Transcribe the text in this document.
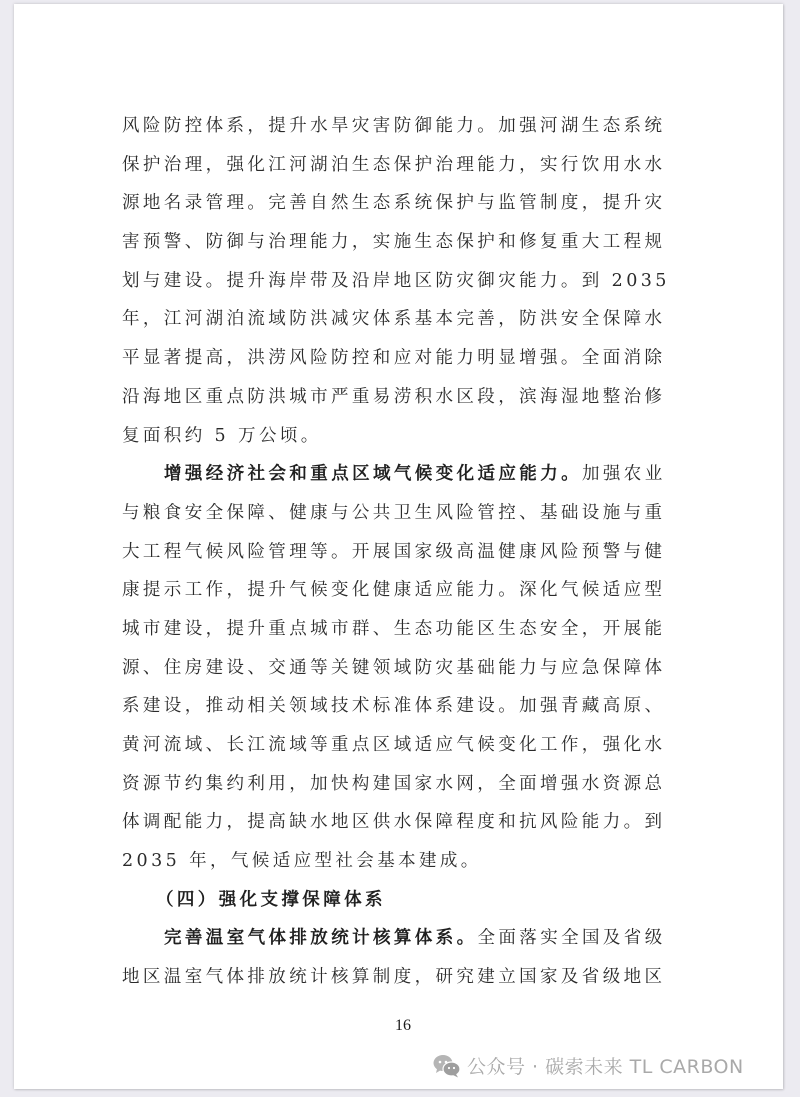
风险防控体系，提升水旱灾害防御能力。加强河湖生态系统
保护治理，强化江河湖泊生态保护治理能力，实行饮用水水
源地名录管理。完善自然生态系统保护与监管制度，提升灾
害预警、防御与治理能力，实施生态保护和修复重大工程规
划与建设。提升海岸带及沿岸地区防灾御灾能力。到 2035
年，江河湖泊流域防洪减灾体系基本完善，防洪安全保障水
平显著提高，洪涝风险防控和应对能力明显增强。全面消除
沿海地区重点防洪城市严重易涝积水区段，滨海湿地整治修
复面积约 5 万公顷。
增强经济社会和重点区域气候变化适应能力。加强农业
与粮食安全保障、健康与公共卫生风险管控、基础设施与重
大工程气候风险管理等。开展国家级高温健康风险预警与健
康提示工作，提升气候变化健康适应能力。深化气候适应型
城市建设，提升重点城市群、生态功能区生态安全，开展能
源、住房建设、交通等关键领域防灾基础能力与应急保障体
系建设，推动相关领域技术标准体系建设。加强青藏高原、
黄河流域、长江流域等重点区域适应气候变化工作，强化水
资源节约集约利用，加快构建国家水网，全面增强水资源总
体调配能力，提高缺水地区供水保障程度和抗风险能力。到
2035 年，气候适应型社会基本建成。
（四）强化支撑保障体系
完善温室气体排放统计核算体系。全面落实全国及省级
地区温室气体排放统计核算制度，研究建立国家及省级地区
16
公众号 · 碳索未来 TL CARBON
